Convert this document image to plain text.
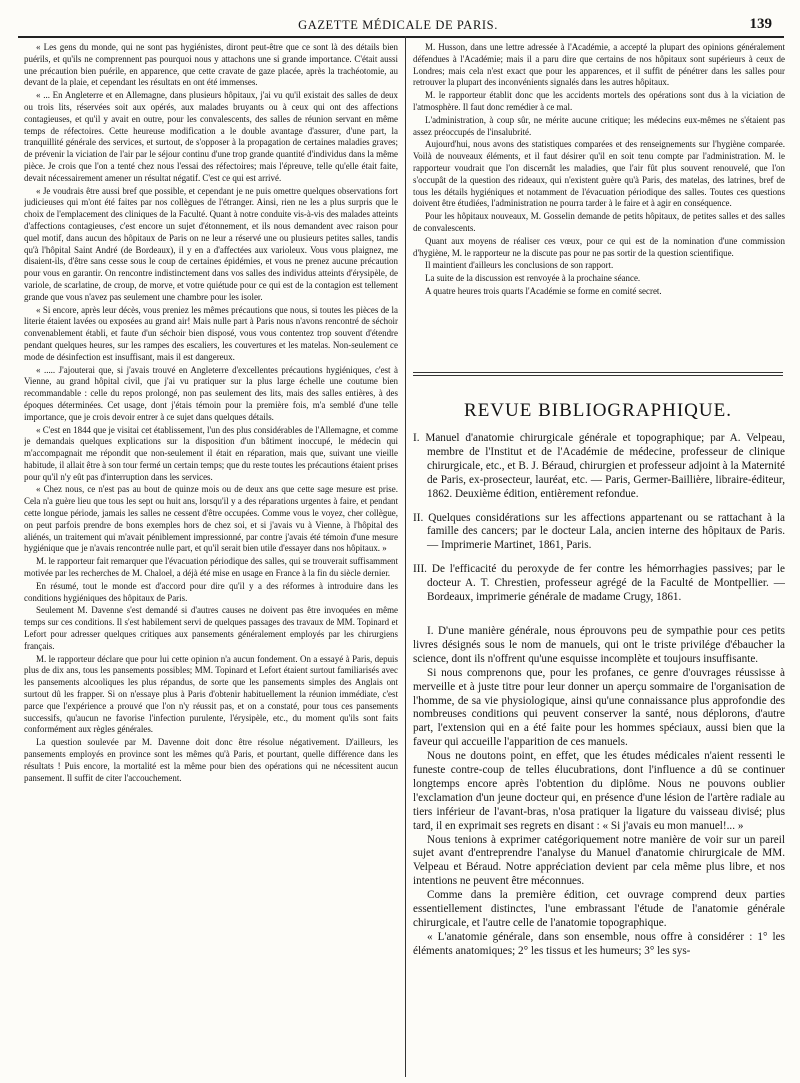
GAZETTE MÉDICALE DE PARIS.	139

« Les gens du monde, qui ne sont pas hygiénistes, diront peut-être que ce sont là des détails bien puérils, et qu'ils ne comprennent pas pourquoi nous y attachons une si grande importance. C'était aussi une précaution bien puérile, en apparence, que cette cravate de gaze placée, après la trachéotomie, au devant de la plaie, et cependant les résultats en ont été immenses.

« ... En Angleterre et en Allemagne, dans plusieurs hôpitaux, j'ai vu qu'il existait des salles de deux ou trois lits, réservées soit aux opérés, aux malades bruyants ou à ceux qui ont des affections contagieuses, et qu'il y avait en outre, pour les convalescents, des salles de réunion servant en même temps de réfectoires. Cette heureuse modification a le double avantage d'assurer, d'une part, la tranquillité générale des services, et surtout, de s'opposer à la propagation de certaines maladies graves; de prévenir la viciation de l'air par le séjour continu d'une trop grande quantité d'individus dans la même pièce. Je crois que l'on a tenté chez nous l'essai des réfectoires; mais l'épreuve, telle qu'elle était faite, devait nécessairement amener un résultat négatif. C'est ce qui est arrivé.

« Je voudrais être aussi bref que possible, et cependant je ne puis omettre quelques observations fort judicieuses qui m'ont été faites par nos collègues de l'étranger. Ainsi, rien ne les a plus surpris que le choix de l'emplacement des cliniques de la Faculté. Quant à notre conduite vis-à-vis des malades atteints d'affections contagieuses, c'est encore un sujet d'étonnement, et ils nous demandent avec raison pour quel motif, dans aucun des hôpitaux de Paris on ne leur a réservé une ou plusieurs petites salles, tandis qu'à l'hôpital Saint André (de Bordeaux), il y en a d'affectées aux varioleux. Vous vous plaignez, me disaient-ils, d'être sans cesse sous le coup de certaines épidémies, et vous ne prenez aucune précaution pour vous en garantir. On rencontre indistinctement dans vos salles des individus atteints d'érysipèle, de variole, de scarlatine, de croup, de morve, et votre quiétude pour ce qui est de la contagion est tellement grande que vous n'avez pas seulement une chambre pour les isoler.

« Si encore, après leur décès, vous preniez les mêmes précautions que nous, si toutes les pièces de la literie étaient lavées ou exposées au grand air! Mais nulle part à Paris nous n'avons rencontré de séchoir convenablement établi, et faute d'un séchoir bien disposé, vous vous contentez trop souvent d'étendre pendant quelques heures, sur les rampes des escaliers, les couvertures et les matelas. Non-seulement ce mode de désinfection est insuffisant, mais il est dangereux.

« ..... J'ajouterai que, si j'avais trouvé en Angleterre d'excellentes précautions hygiéniques, c'est à Vienne, au grand hôpital civil, que j'ai vu pratiquer sur la plus large échelle une coutume bien recommandable : celle du repos prolongé, non pas seulement des lits, mais des salles entières, à des époques déterminées. Cet usage, dont j'étais témoin pour la première fois, m'a semblé d'une telle importance, que je crois devoir entrer à ce sujet dans quelques détails.

« C'est en 1844 que je visitai cet établissement, l'un des plus considérables de l'Allemagne, et comme je demandais quelques explications sur la disposition d'un bâtiment inoccupé, le médecin qui m'accompagnait me répondit que non-seulement il était en réparation, mais que, suivant une vieille habitude, il allait être à son tour fermé un certain temps; que du reste toutes les précautions étaient prises pour qu'il n'y eût pas d'interruption dans les services.

« Chez nous, ce n'est pas au bout de quinze mois ou de deux ans que cette sage mesure est prise. Cela n'a guère lieu que tous les sept ou huit ans, lorsqu'il y a des réparations urgentes à faire, et pendant cette longue période, jamais les salles ne cessent d'être occupées. Comme vous le voyez, cher collègue, on peut parfois prendre de bons exemples hors de chez soi, et si j'avais vu à Vienne, à l'hôpital des aliénés, un traitement qui m'avait péniblement impressionné, par contre j'avais été témoin d'une mesure hygiénique que je n'avais rencontrée nulle part, et qu'il serait bien utile d'essayer dans nos hôpitaux. »

M. le rapporteur fait remarquer que l'évacuation périodique des salles, qui se trouverait suffisamment motivée par les recherches de M. Chaloel, a déjà été mise en usage en France à la fin du siècle dernier.

En résumé, tout le monde est d'accord pour dire qu'il y a des réformes à introduire dans les conditions hygiéniques des hôpitaux de Paris.

Seulement M. Davenne s'est demandé si d'autres causes ne doivent pas être invoquées en même temps sur ces conditions. Il s'est habilement servi de quelques passages des travaux de MM. Topinard et Lefort pour adresser quelques critiques aux pansements généralement employés par les chirurgiens français.

M. le rapporteur déclare que pour lui cette opinion n'a aucun fondement. On a essayé à Paris, depuis plus de dix ans, tous les pansements possibles; MM. Topinard et Lefort étaient surtout familiarisés avec les pansements alcooliques les plus répandus, de sorte que les pansements simples des Anglais ont surtout dû les frapper. Si on n'essaye plus à Paris d'obtenir habituellement la réunion immédiate, c'est parce que l'expérience a prouvé que l'on n'y réussit pas, et on a constaté, pour tous ces pansements successifs, qu'aucun ne favorise l'infection purulente, l'érysipèle, etc., du moment qu'ils sont faits conformément aux règles générales.

La question soulevée par M. Davenne doit donc être résolue négativement. D'ailleurs, les pansements employés en province sont les mêmes qu'à Paris, et pourtant, quelle différence dans les résultats ! Puis encore, la mortalité est la même pour bien des opérations qui ne nécessitent aucun pansement. Il suffit de citer l'accouchement.

M. Husson, dans une lettre adressée à l'Académie, a accepté la plupart des opinions généralement défendues à l'Académie; mais il a paru dire que certains de nos hôpitaux sont supérieurs à ceux de Londres; mais cela n'est exact que pour les apparences, et il suffit de pénétrer dans les salles pour retrouver la plupart des inconvénients signalés dans les autres hôpitaux.

M. le rapporteur établit donc que les accidents mortels des opérations sont dus à la viciation de l'atmosphère. Il faut donc remédier à ce mal.

L'administration, à coup sûr, ne mérite aucune critique; les médecins eux-mêmes ne s'étaient pas assez préoccupés de l'insalubrité.

Aujourd'hui, nous avons des statistiques comparées et des renseignements sur l'hygiène comparée. Voilà de nouveaux éléments, et il faut désirer qu'il en soit tenu compte par l'administration. M. le rapporteur voudrait que l'on discernât les maladies, que l'air fût plus souvent renouvelé, que l'on s'occupât de la question des rideaux, qui n'existent guère qu'à Paris, des matelas, des latrines, bref de tous les détails hygiéniques et notamment de l'évacuation périodique des salles. Toutes ces questions doivent être étudiées, l'administration ne pourra tarder à le faire et à agir en conséquence.

Pour les hôpitaux nouveaux, M. Gosselin demande de petits hôpitaux, de petites salles et des salles de convalescents.

Quant aux moyens de réaliser ces vœux, pour ce qui est de la nomination d'une commission d'hygiène, M. le rapporteur ne la discute pas pour ne pas sortir de la question scientifique.

Il maintient d'ailleurs les conclusions de son rapport.

La suite de la discussion est renvoyée à la prochaine séance.

A quatre heures trois quarts l'Académie se forme en comité secret.

REVUE BIBLIOGRAPHIQUE.
I. Manuel d'anatomie chirurgicale générale et topographique; par A. Velpeau, membre de l'Institut et de l'Académie de médecine, professeur de clinique chirurgicale, etc., et B. J. Béraud, chirurgien et professeur adjoint à la Maternité de Paris, ex-prosecteur, lauréat, etc. — Paris, Germer-Baillière, libraire-éditeur, 1862. Deuxième édition, entièrement refondue.
II. Quelques considérations sur les affections appartenant ou se rattachant à la famille des cancers; par le docteur Lala, ancien interne des hôpitaux de Paris. — Imprimerie Martinet, 1861, Paris.
III. De l'efficacité du peroxyde de fer contre les hémorrhagies passives; par le docteur A. T. Chrestien, professeur agrégé de la Faculté de Montpellier. — Bordeaux, imprimerie générale de madame Crugy, 1861.

I. D'une manière générale, nous éprouvons peu de sympathie pour ces petits livres désignés sous le nom de manuels, qui ont le triste privilége d'ébaucher la science, dont ils n'offrent qu'une esquisse incomplète et toujours insuffisante.

Si nous comprenons que, pour les profanes, ce genre d'ouvrages réussisse à merveille et à juste titre pour leur donner un aperçu sommaire de l'organisation de l'homme, de sa vie physiologique, ainsi qu'une connaissance plus approfondie des nombreuses conditions qui peuvent conserver la santé, nous déplorons, d'autre part, l'extension qui en a été faite pour les hommes spéciaux, aussi bien que la faveur qui accueille l'apparition de ces manuels.

Nous ne doutons point, en effet, que les études médicales n'aient ressenti le funeste contre-coup de telles élucubrations, dont l'influence a dû se continuer longtemps encore après l'obtention du diplôme. Nous ne pouvons oublier l'exclamation d'un jeune docteur qui, en présence d'une lésion de l'artère radiale au tiers inférieur de l'avant-bras, n'osa pratiquer la ligature du vaisseau divisé; plus tard, il en exprimait ses regrets en disant : « Si j'avais eu mon manuel!... »

Nous tenions à exprimer catégoriquement notre manière de voir sur un pareil sujet avant d'entreprendre l'analyse du Manuel d'anatomie chirurgicale de MM. Velpeau et Béraud. Notre appréciation devient par cela même plus libre, et nos intentions ne peuvent être méconnues.

Comme dans la première édition, cet ouvrage comprend deux parties essentiellement distinctes, l'une embrassant l'étude de l'anatomie générale chirurgicale, et l'autre celle de l'anatomie topographique.

« L'anatomie générale, dans son ensemble, nous offre à considérer : 1° les éléments anatomiques; 2° les tissus et les humeurs; 3° les sys-
